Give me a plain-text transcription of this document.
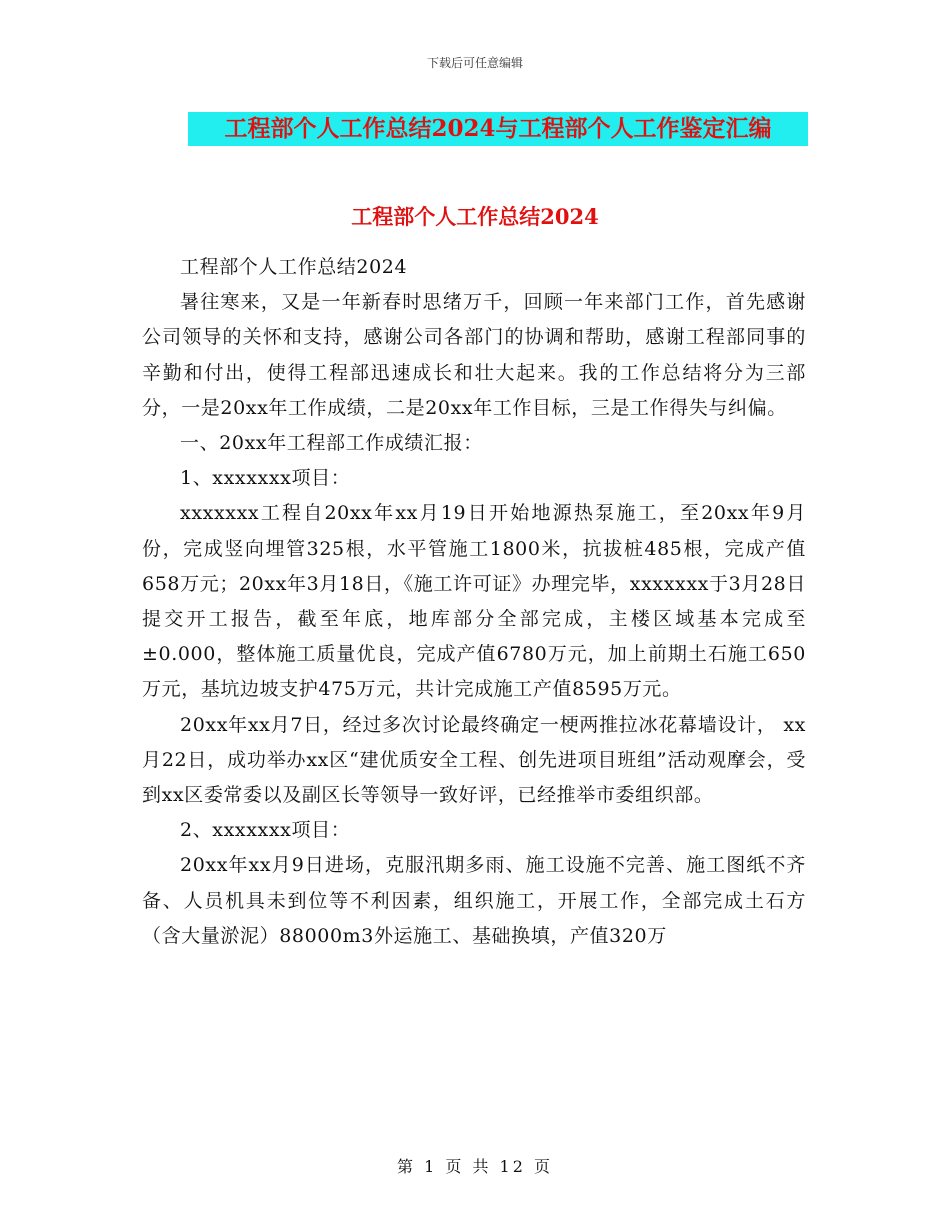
下载后可任意编辑
工程部个人工作总结2024与工程部个人工作鉴定汇编
工程部个人工作总结2024

工程部个人工作总结2024

暑往寒来，又是一年新春时思绪万千，回顾一年来部门工作，首先感谢公司领导的关怀和支持，感谢公司各部门的协调和帮助，感谢工程部同事的辛勤和付出，使得工程部迅速成长和壮大起来。我的工作总结将分为三部分，一是20xx年工作成绩，二是20xx年工作目标，三是工作得失与纠偏。

一、20xx年工程部工作成绩汇报：

1、xxxxxxx项目：

xxxxxxx工程自20xx年xx月19日开始地源热泵施工，至20xx年9月份，完成竖向埋管325根，水平管施工1800米，抗拔桩485根，完成产值658万元；20xx年3月18日，《施工许可证》办理完毕，xxxxxxx于3月28日提交开工报告，截至年底，地库部分全部完成，主楼区域基本完成至±0.000，整体施工质量优良，完成产值6780万元，加上前期土石施工650万元，基坑边坡支护475万元，共计完成施工产值8595万元。

20xx年xx月7日，经过多次讨论最终确定一梗两推拉冰花幕墙设计， xx月22日，成功举办xx区“建优质安全工程、创先进项目班组”活动观摩会，受到xx区委常委以及副区长等领导一致好评，已经推举市委组织部。

2、xxxxxxx项目：

20xx年xx月9日进场，克服汛期多雨、施工设施不完善、施工图纸不齐备、人员机具未到位等不利因素，组织施工，开展工作，全部完成土石方（含大量淤泥）88000m3外运施工、基础换填，产值320万

第 1 页 共 12 页
